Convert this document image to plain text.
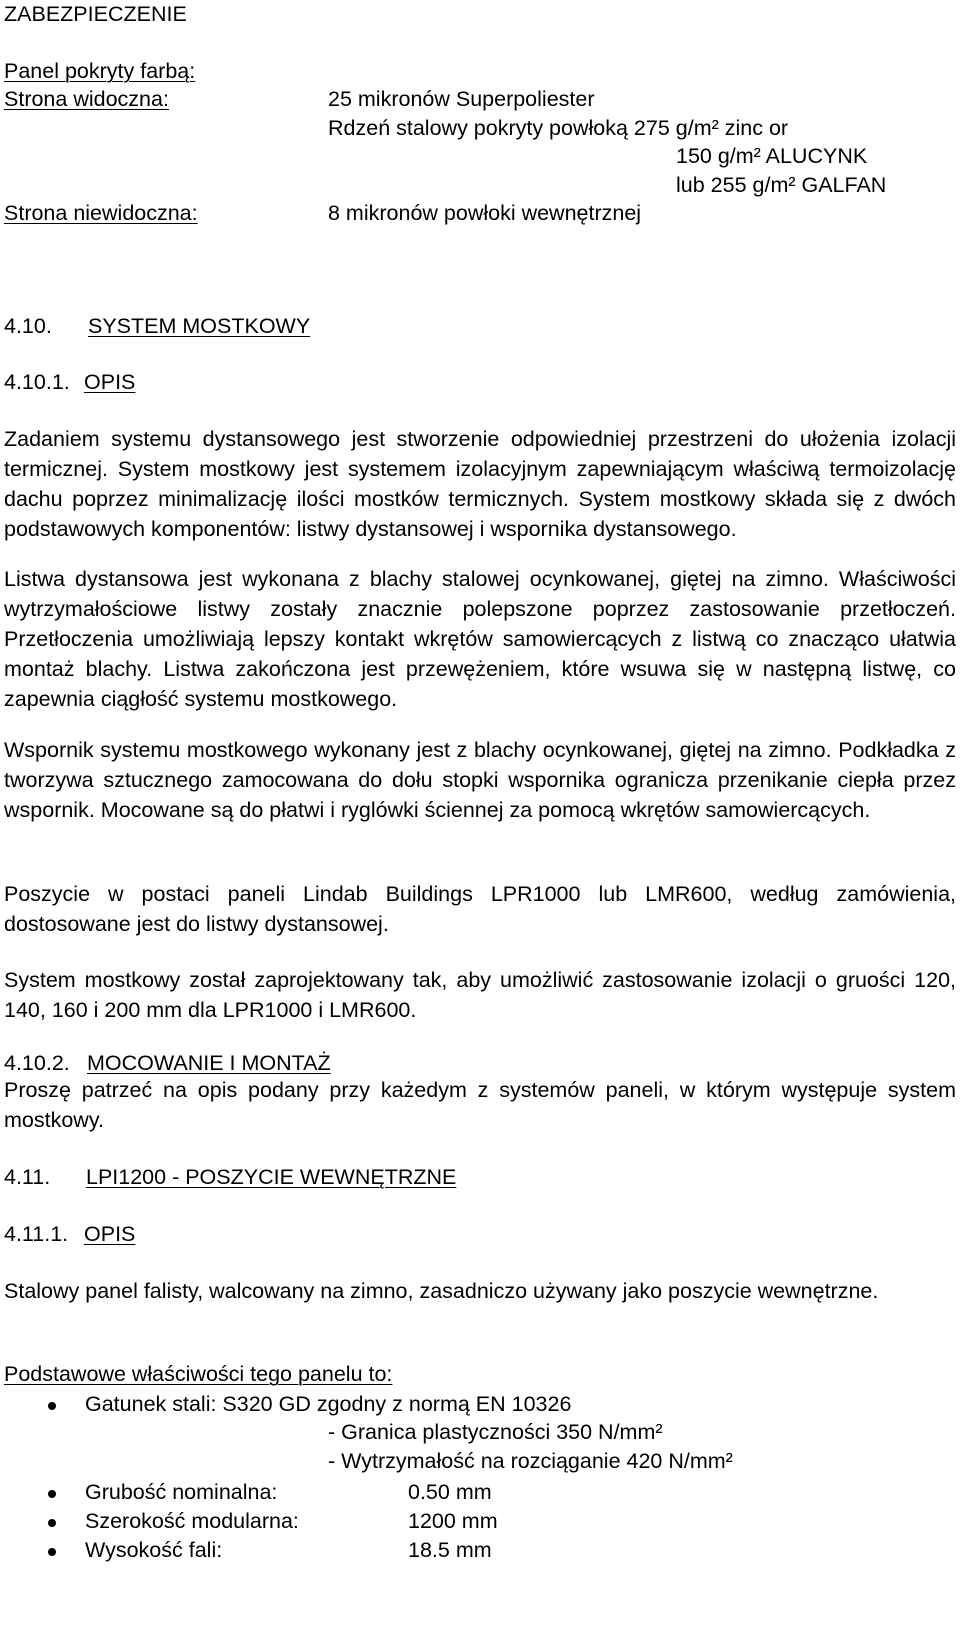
ZABEZPIECZENIE
Panel pokryty farbą:
Strona widoczna:	25 mikronów Superpoliester
Rdzeń stalowy pokryty powłoką 275 g/m² zinc or
150 g/m² ALUCYNK
lub 255 g/m² GALFAN
Strona niewidoczna:	8 mikronów powłoki wewnętrznej
4.10. SYSTEM MOSTKOWY
4.10.1. OPIS

Zadaniem systemu dystansowego jest stworzenie odpowiedniej przestrzeni do ułożenia izolacji termicznej. System mostkowy jest systemem izolacyjnym zapewniającym właściwą termoizolację dachu poprzez minimalizację ilości mostków termicznych. System mostkowy składa się z dwóch podstawowych komponentów: listwy dystansowej i wspornika dystansowego.

Listwa dystansowa jest wykonana z blachy stalowej ocynkowanej, giętej na zimno. Właściwości wytrzymałościowe listwy zostały znacznie polepszone poprzez zastosowanie przetłoczeń. Przetłoczenia umożliwiają lepszy kontakt wkrętów samowiercących z listwą co znacząco ułatwia montaż blachy. Listwa zakończona jest przewężeniem, które wsuwa się w następną listwę, co zapewnia ciągłość systemu mostkowego.

Wspornik systemu mostkowego wykonany jest z blachy ocynkowanej, giętej na zimno. Podkładka z tworzywa sztucznego zamocowana do dołu stopki wspornika ogranicza przenikanie ciepła przez wspornik. Mocowane są do płatwi i ryglówki ściennej za pomocą wkrętów samowiercących.

Poszycie w postaci paneli Lindab Buildings LPR1000 lub LMR600, według zamówienia, dostosowane jest do listwy dystansowej.

System mostkowy został zaprojektowany tak, aby umożliwić zastosowanie izolacji o gruości 120, 140, 160 i 200 mm dla LPR1000 i LMR600.

4.10.2. MOCOWANIE I MONTAŻ

Proszę patrzeć na opis podany przy każedym z systemów paneli, w którym występuje system mostkowy.

4.11. LPI1200 - POSZYCIE WEWNĘTRZNE
4.11.1. OPIS

Stalowy panel falisty, walcowany na zimno, zasadniczo używany jako poszycie wewnętrzne.

Podstawowe właściwości tego panelu to:
Gatunek stali: S320 GD zgodny z normą EN 10326
- Granica plastyczności 350 N/mm²
- Wytrzymałość na rozciąganie 420 N/mm²
Grubość nominalna:	0.50 mm
Szerokość modularna:	1200 mm
Wysokość fali:	18.5 mm
